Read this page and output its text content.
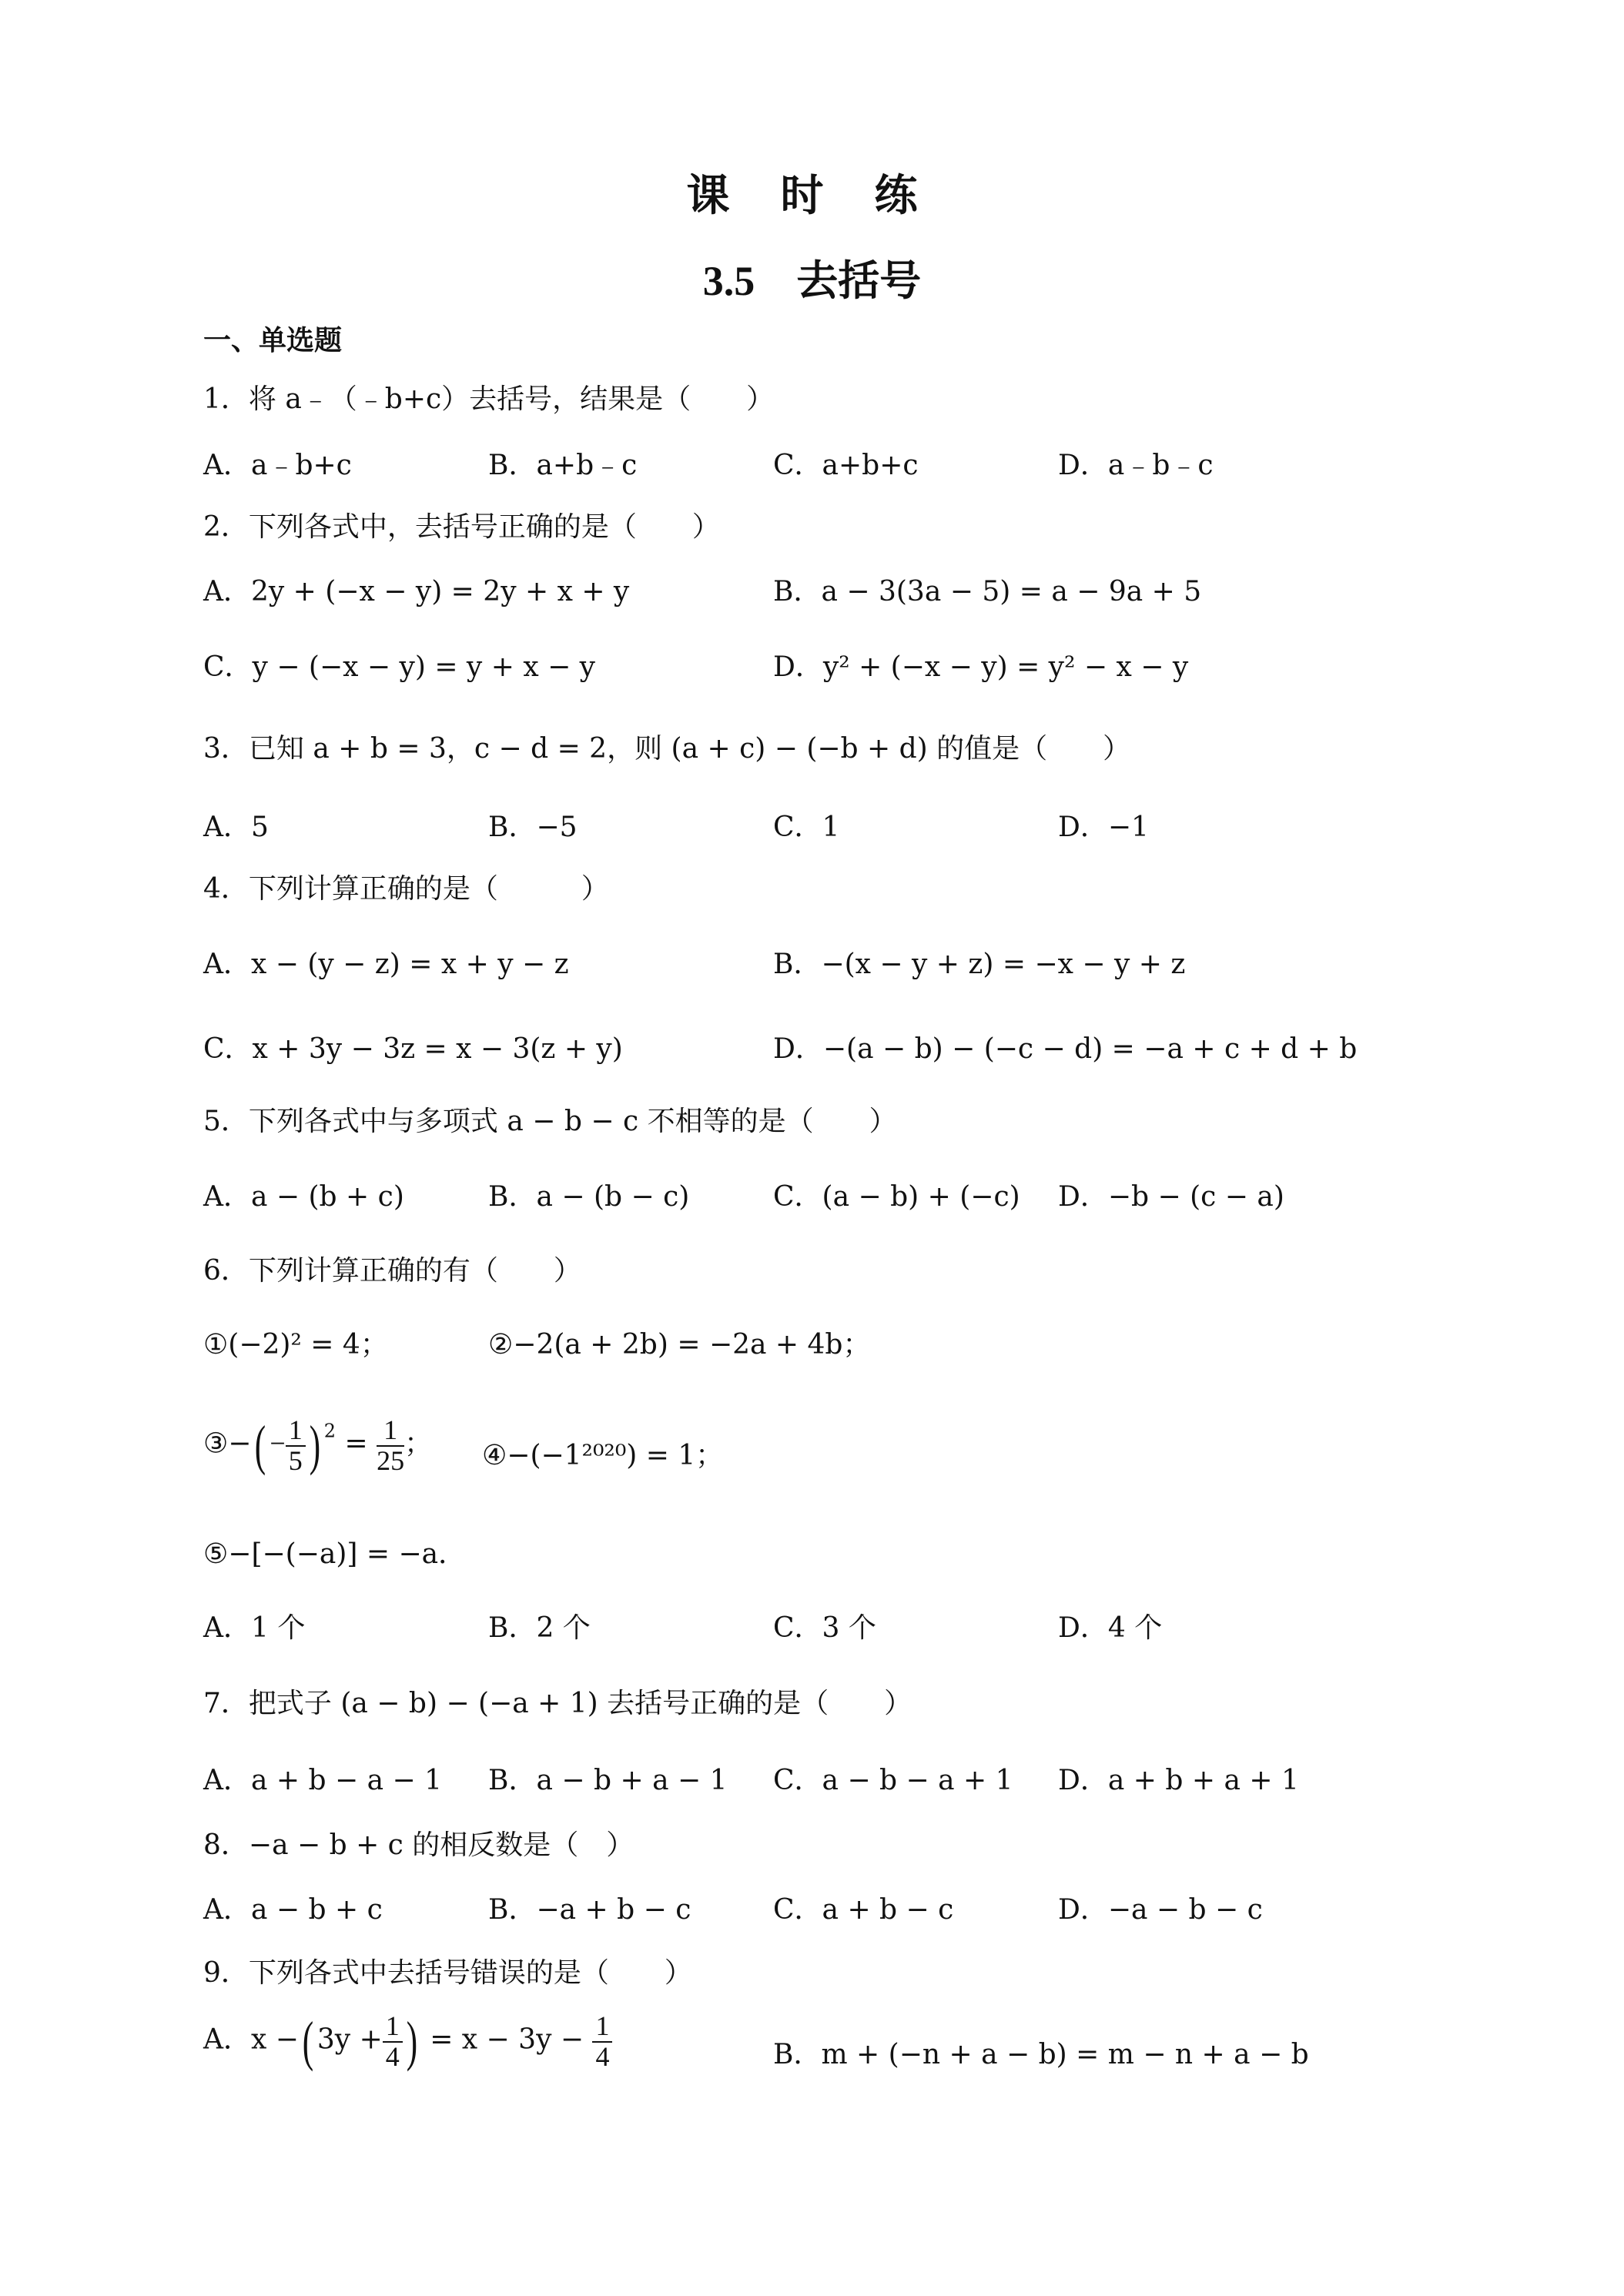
课 时 练
3.5　去括号
一、单选题
1．将 a﹣（﹣b+c）去括号，结果是（　　）
A．a﹣b+c	B．a+b﹣c	C．a+b+c	D．a﹣b﹣c
2．下列各式中，去括号正确的是（　　）
A．2y + (−x − y) = 2y + x + y	B．a − 3(3a − 5) = a − 9a + 5
C．y − (−x − y) = y + x − y	D．y² + (−x − y) = y² − x − y
3．已知 a + b = 3，c − d = 2，则 (a + c) − (−b + d) 的值是（　　）
A．5	B．−5	C．1	D．−1
4．下列计算正确的是（　　　）
A．x − (y − z) = x + y − z	B．−(x − y + z) = −x − y + z
C．x + 3y − 3z = x − 3(z + y)	D．−(a − b) − (−c − d) = −a + c + d + b
5．下列各式中与多项式 a − b − c 不相等的是（　　）
A．a − (b + c)	B．a − (b − c)	C．(a − b) + (−c) D．−b − (c − a)
6．下列计算正确的有（　　）
①(−2)² = 4；	②−2(a + 2b) = −2a + 4b；
③−( − $\frac{1}{5}$ ) $^2 = \frac{1}{25}$ ； ④−(−1²⁰²⁰) = 1；
⑤−[−(−a)] = −a．
A．1 个	B．2 个	C．3 个	D．4 个
7．把式子 (a − b) − (−a + 1) 去括号正确的是（　　）
A．a + b − a − 1 B．a − b + a − 1 C．a − b − a + 1 D．a + b + a + 1
8．−a − b + c 的相反数是（　）
A．a − b + c	B．−a + b − c	C．a + b − c	D．−a − b − c
9．下列各式中去括号错误的是（　　）
A．x −( $3y + \frac{1}{4}$ ) = $x - 3y - \frac{1}{4}$	B．m + (−n + a − b) = m − n + a − b
